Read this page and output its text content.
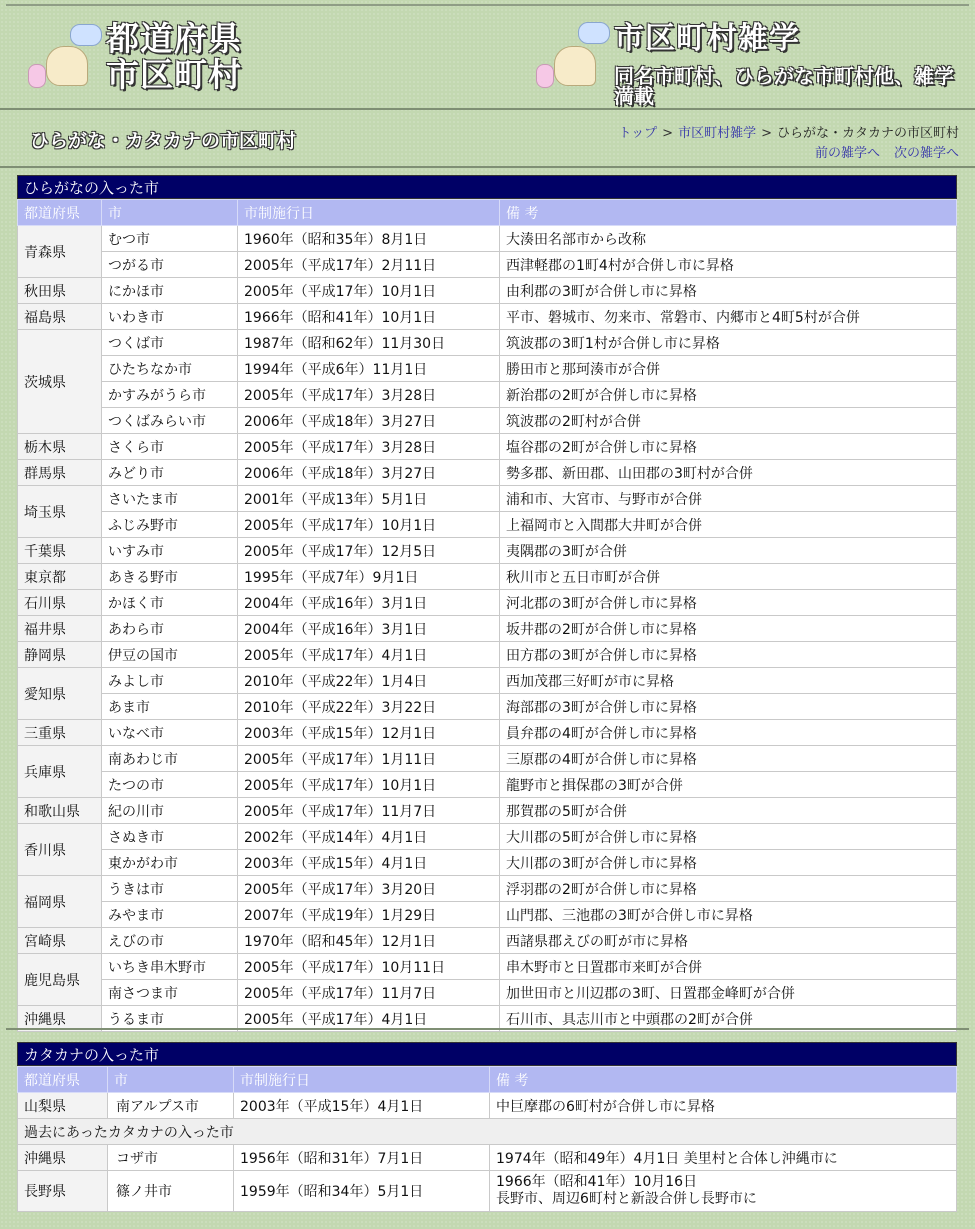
都道府県
市区町村
市区町村雑学
同名市町村、ひらがな市町村他、雑学満載
ひらがな・カタカナの市区町村	トップ > 市区町村雑学 > ひらがな・カタカナの市区町村
前の雑学へ 次の雑学へ
ひらがなの入った市
都道府県	市	市制施行日	備 考
青森県	むつ市	1960年（昭和35年）8月1日	大湊田名部市から改称
	つがる市	2005年（平成17年）2月11日	西津軽郡の1町4村が合併し市に昇格
秋田県	にかほ市	2005年（平成17年）10月1日	由利郡の3町が合併し市に昇格
福島県	いわき市	1966年（昭和41年）10月1日	平市、磐城市、勿来市、常磐市、内郷市と4町5村が合併
茨城県	つくば市	1987年（昭和62年）11月30日	筑波郡の3町1村が合併し市に昇格
	ひたちなか市	1994年（平成6年）11月1日	勝田市と那珂湊市が合併
	かすみがうら市	2005年（平成17年）3月28日	新治郡の2町が合併し市に昇格
	つくばみらい市	2006年（平成18年）3月27日	筑波郡の2町村が合併
栃木県	さくら市	2005年（平成17年）3月28日	塩谷郡の2町が合併し市に昇格
群馬県	みどり市	2006年（平成18年）3月27日	勢多郡、新田郡、山田郡の3町村が合併
埼玉県	さいたま市	2001年（平成13年）5月1日	浦和市、大宮市、与野市が合併
	ふじみ野市	2005年（平成17年）10月1日	上福岡市と入間郡大井町が合併
千葉県	いすみ市	2005年（平成17年）12月5日	夷隅郡の3町が合併
東京都	あきる野市	1995年（平成7年）9月1日	秋川市と五日市町が合併
石川県	かほく市	2004年（平成16年）3月1日	河北郡の3町が合併し市に昇格
福井県	あわら市	2004年（平成16年）3月1日	坂井郡の2町が合併し市に昇格
静岡県	伊豆の国市	2005年（平成17年）4月1日	田方郡の3町が合併し市に昇格
愛知県	みよし市	2010年（平成22年）1月4日	西加茂郡三好町が市に昇格
	あま市	2010年（平成22年）3月22日	海部郡の3町が合併し市に昇格
三重県	いなべ市	2003年（平成15年）12月1日	員弁郡の4町が合併し市に昇格
兵庫県	南あわじ市	2005年（平成17年）1月11日	三原郡の4町が合併し市に昇格
	たつの市	2005年（平成17年）10月1日	龍野市と揖保郡の3町が合併
和歌山県	紀の川市	2005年（平成17年）11月7日	那賀郡の5町が合併
香川県	さぬき市	2002年（平成14年）4月1日	大川郡の5町が合併し市に昇格
	東かがわ市	2003年（平成15年）4月1日	大川郡の3町が合併し市に昇格
福岡県	うきは市	2005年（平成17年）3月20日	浮羽郡の2町が合併し市に昇格
	みやま市	2007年（平成19年）1月29日	山門郡、三池郡の3町が合併し市に昇格
宮崎県	えびの市	1970年（昭和45年）12月1日	西諸県郡えびの町が市に昇格
鹿児島県	いちき串木野市	2005年（平成17年）10月11日	串木野市と日置郡市来町が合併
	南さつま市	2005年（平成17年）11月7日	加世田市と川辺郡の3町、日置郡金峰町が合併
沖縄県	うるま市	2005年（平成17年）4月1日	石川市、具志川市と中頭郡の2町が合併
カタカナの入った市
都道府県	市	市制施行日	備 考
山梨県	南アルプス市	2003年（平成15年）4月1日	中巨摩郡の6町村が合併し市に昇格
過去にあったカタカナの入った市			
沖縄県	コザ市	1956年（昭和31年）7月1日	1974年（昭和49年）4月1日 美里村と合体し沖縄市に
長野県	篠ノ井市	1959年（昭和34年）5月1日	1966年（昭和41年）10月16日
長野市、周辺6町村と新設合併し長野市に
